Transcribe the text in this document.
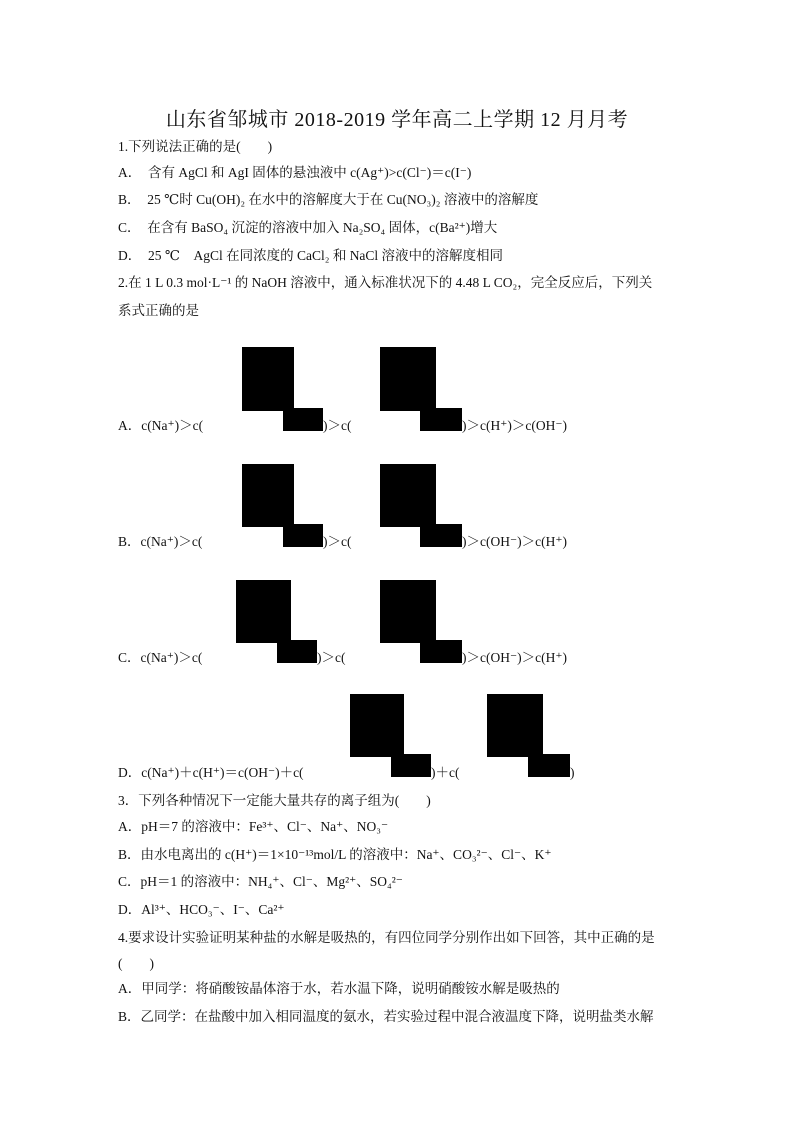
山东省邹城市 2018-2019 学年高二上学期 12 月月考
1.下列说法正确的是(　　)
A．　含有 AgCl 和 AgI 固体的悬浊液中 c(Ag⁺)>c(Cl⁻)＝c(I⁻)
B．　25 ℃时 Cu(OH)₂ 在水中的溶解度大于在 Cu(NO₃)₂ 溶液中的溶解度
C．　在含有 BaSO₄ 沉淀的溶液中加入 Na₂SO₄ 固体，c(Ba²⁺)增大
D．　25 ℃　AgCl 在同浓度的 CaCl₂ 和 NaCl 溶液中的溶解度相同
2.在 1 L 0.3 mol·L⁻¹ 的 NaOH 溶液中，通入标准状况下的 4.48 L CO₂，完全反应后，下列关
系式正确的是
A．c(Na⁺)＞c(	)＞c(	)＞c(H⁺)＞c(OH⁻)
B．c(Na⁺)＞c(	)＞c(	)＞c(OH⁻)＞c(H⁺)
C．c(Na⁺)＞c(	)＞c(	)＞c(OH⁻)＞c(H⁺)
D．c(Na⁺)＋c(H⁺)＝c(OH⁻)＋c(	)＋c(	)
3．下列各种情况下一定能大量共存的离子组为(　　)
A．pH＝7 的溶液中：Fe³⁺、Cl⁻、Na⁺、NO₃⁻
B．由水电离出的 c(H⁺)＝1×10⁻¹³mol/L 的溶液中：Na⁺、CO₃²⁻、Cl⁻、K⁺
C．pH＝1 的溶液中：NH₄⁺、Cl⁻、Mg²⁺、SO₄²⁻
D．Al³⁺、HCO₃⁻、I⁻、Ca²⁺
4.要求设计实验证明某种盐的水解是吸热的，有四位同学分别作出如下回答，其中正确的是
(　　)
A．甲同学：将硝酸铵晶体溶于水，若水温下降，说明硝酸铵水解是吸热的
B．乙同学：在盐酸中加入相同温度的氨水，若实验过程中混合液温度下降，说明盐类水解
